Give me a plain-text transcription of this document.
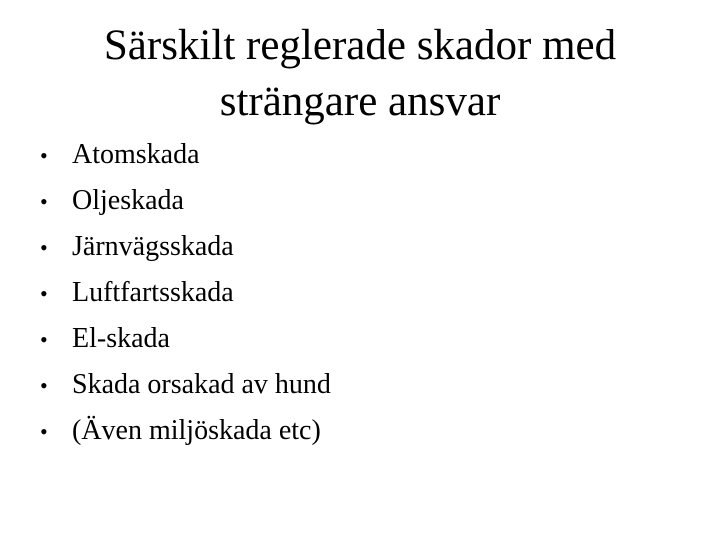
Särskilt reglerade skador med
strängare ansvar
• Atomskada
• Oljeskada
• Järnvägsskada
• Luftfartsskada
• El-skada
• Skada orsakad av hund
• (Även miljöskada etc)
